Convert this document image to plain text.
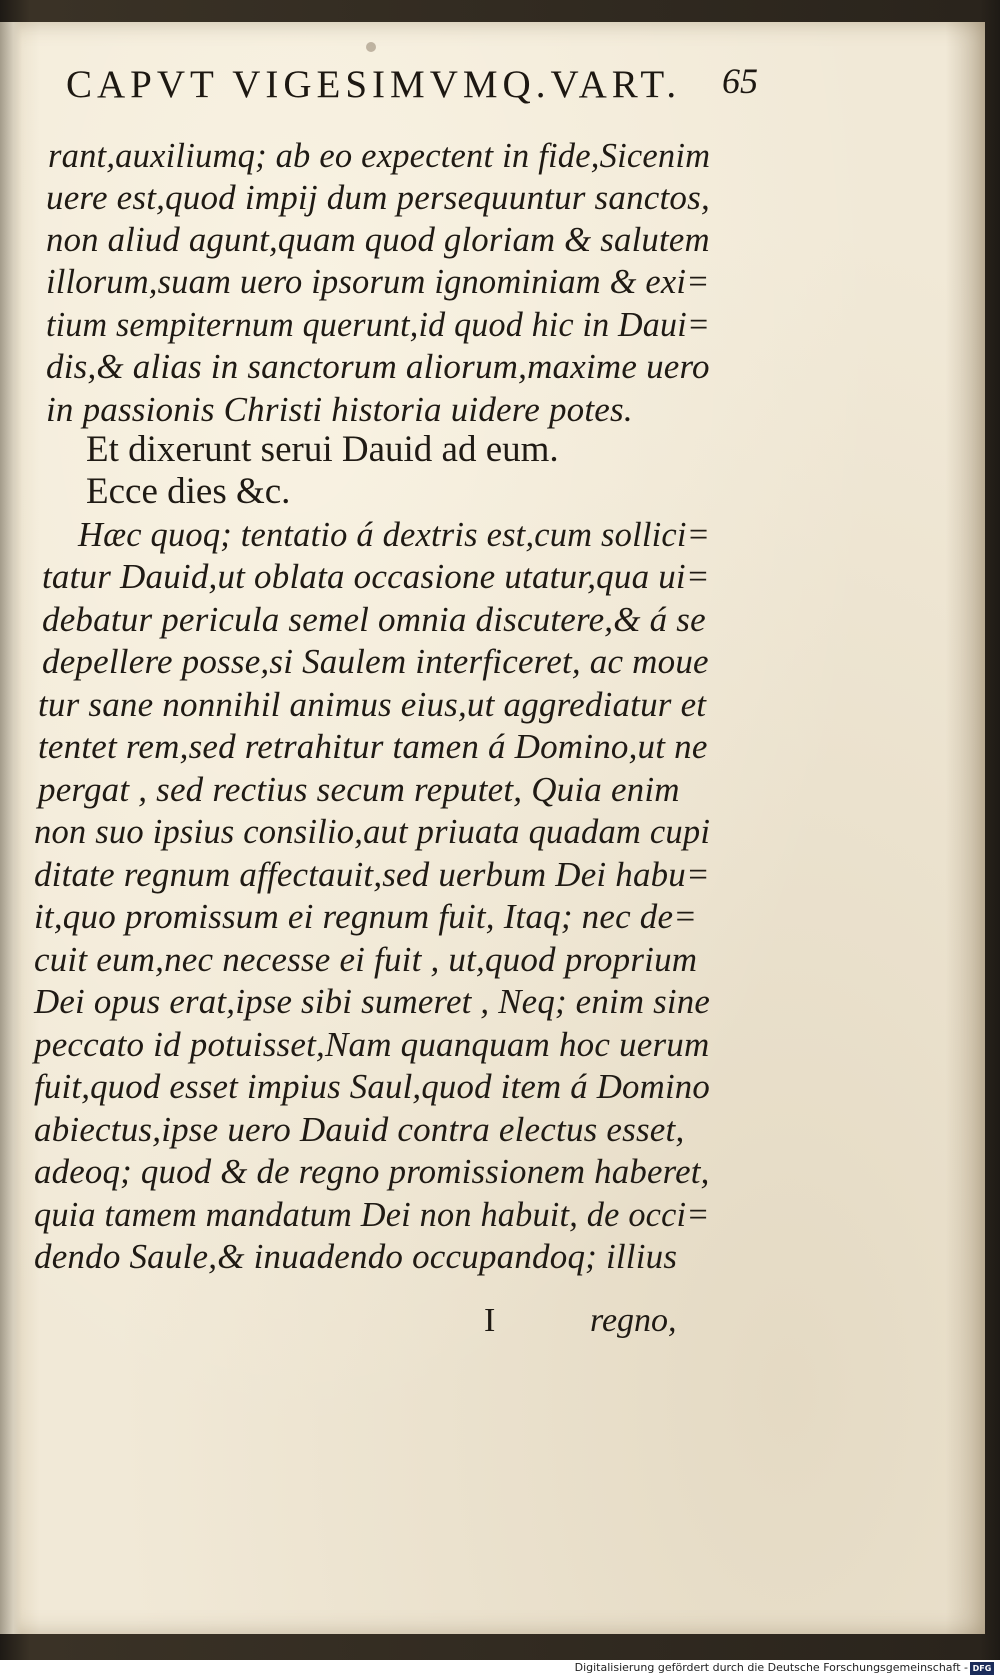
CAPVT VIGESIMVMQ.VART.	65
rant,auxiliumq; ab eo expectent in fide,Sicenim
uere est,quod impij dum persequuntur sanctos,
non aliud agunt,quam quod gloriam & salutem
illorum,suam uero ipsorum ignominiam & exi=
tium sempiternum querunt,id quod hic in Daui=
dis,& alias in sanctorum aliorum,maxime uero
in passionis Christi historia uidere potes.
Et dixerunt serui Dauid ad eum.
Ecce dies &c.
Hæc quoq; tentatio á dextris est,cum sollici=
tatur Dauid,ut oblata occasione utatur,qua ui=
debatur pericula semel omnia discutere,& á se
depellere posse,si Saulem interficeret, ac moue
tur sane nonnihil animus eius,ut aggrediatur et
tentet rem,sed retrahitur tamen á Domino,ut ne
pergat , sed rectius secum reputet, Quia enim
non suo ipsius consilio,aut priuata quadam cupi
ditate regnum affectauit,sed uerbum Dei habu=
it,quo promissum ei regnum fuit, Itaq; nec de=
cuit eum,nec necesse ei fuit , ut,quod proprium
Dei opus erat,ipse sibi sumeret , Neq; enim sine
peccato id potuisset,Nam quanquam hoc uerum
fuit,quod esset impius Saul,quod item á Domino
abiectus,ipse uero Dauid contra electus esset,
adeoq; quod & de regno promissionem haberet,
quia tamem mandatum Dei non habuit, de occi=
dendo Saule,& inuadendo occupandoq; illius
I	regno,
Digitalisierung gefördert durch die Deutsche Forschungsgemeinschaft - DFG
